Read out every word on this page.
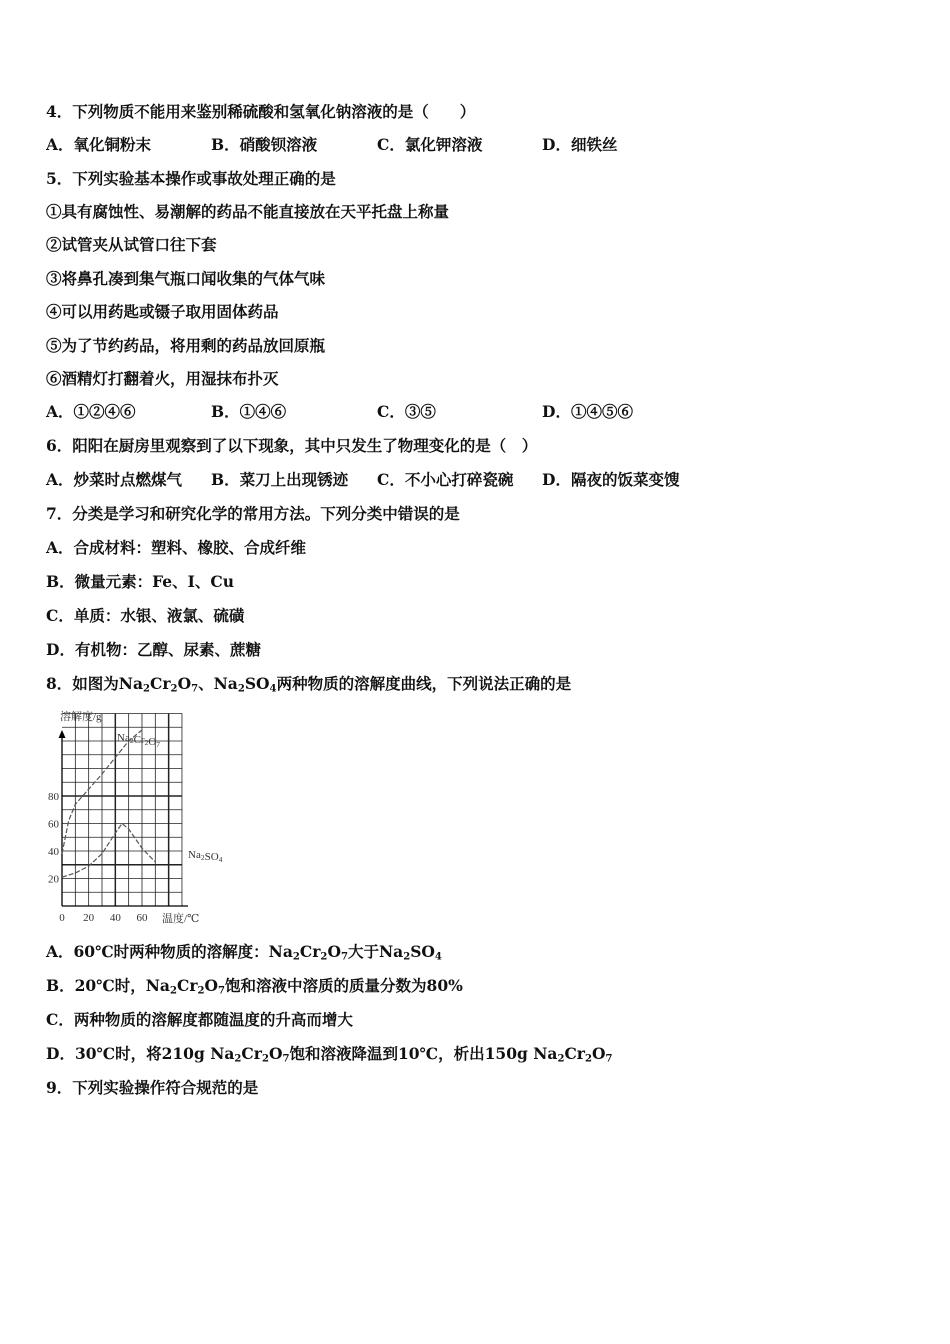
4．下列物质不能用来鉴别稀硫酸和氢氧化钠溶液的是（　　）
A．氧化铜粉末	B．硝酸钡溶液	C．氯化钾溶液	D．细铁丝
5．下列实验基本操作或事故处理正确的是
①具有腐蚀性、易潮解的药品不能直接放在天平托盘上称量
②试管夹从试管口往下套
③将鼻孔凑到集气瓶口闻收集的气体气味
④可以用药匙或镊子取用固体药品
⑤为了节约药品，将用剩的药品放回原瓶
⑥酒精灯打翻着火，用湿抹布扑灭
A．①②④⑥	B．①④⑥	C．③⑤	D．①④⑤⑥
6．阳阳在厨房里观察到了以下现象，其中只发生了物理变化的是（　）
A．炒菜时点燃煤气 B．菜刀上出现锈迹 C．不小心打碎瓷碗 D．隔夜的饭菜变馊
7．分类是学习和研究化学的常用方法。下列分类中错误的是
A．合成材料：塑料、橡胶、合成纤维
B．微量元素：Fe、I、Cu
C．单质：水银、液氯、硫磺
D．有机物：乙醇、尿素、蔗糖
8．如图为$Na_2Cr_2O_7$、$Na_2SO_4$两种物质的溶解度曲线，下列说法正确的是
0 20 40 60
20
40
60
80
溶解度/g
温度/℃
Na2Cr2O7
Na2SO4
A．60℃时两种物质的溶解度：$Na_2Cr_2O_7$大于$Na_2SO_4$
B．20℃时，$Na_2Cr_2O_7$饱和溶液中溶质的质量分数为80%
C．两种物质的溶解度都随温度的升高而增大
D．30℃时，将210g $Na_2Cr_2O_7$饱和溶液降温到10℃，析出150g $Na_2Cr_2O_7$
9．下列实验操作符合规范的是
